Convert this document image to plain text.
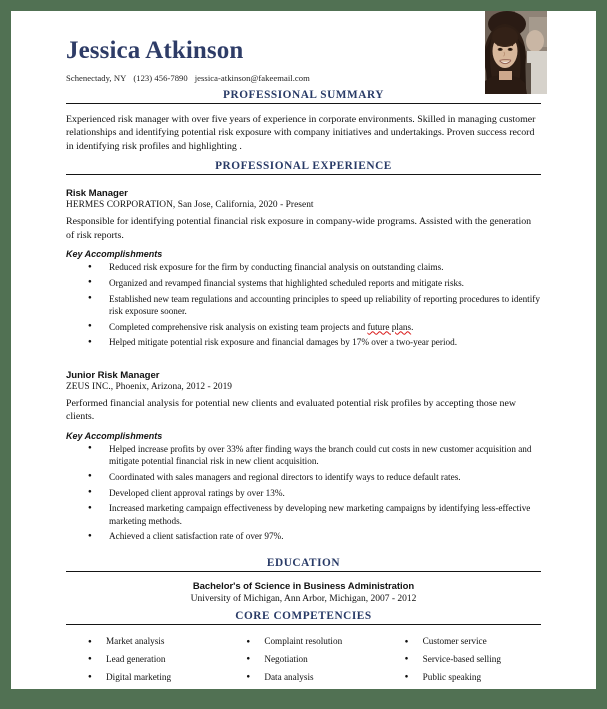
Jessica Atkinson
Schenectady, NY (123) 456-7890 jessica-atkinson@fakeemail.com
PROFESSIONAL SUMMARY
Experienced risk manager with over five years of experience in corporate environments. Skilled in managing customer relationships and identifying potential risk exposure with company initiatives and undertakings. Proven success record in identifying risk profiles and highlighting .
PROFESSIONAL EXPERIENCE
Risk Manager
HERMES CORPORATION, San Jose, California, 2020 - Present
Responsible for identifying potential financial risk exposure in company-wide programs. Assisted with the generation of risk reports.
Key Accomplishments
● Reduced risk exposure for the firm by conducting financial analysis on outstanding claims.
● Organized and revamped financial systems that highlighted scheduled reports and mitigate risks.
● Established new team regulations and accounting principles to speed up reliability of reporting procedures to identify risk exposure sooner.
● Completed comprehensive risk analysis on existing team projects and future plans.
● Helped mitigate potential risk exposure and financial damages by 17% over a two-year period.
Junior Risk Manager
ZEUS INC., Phoenix, Arizona, 2012 - 2019
Performed financial analysis for potential new clients and evaluated potential risk profiles by accepting those new clients.
Key Accomplishments
● Helped increase profits by over 33% after finding ways the branch could cut costs in new customer acquisition and mitigate potential financial risk in new client acquisition.
● Coordinated with sales managers and regional directors to identify ways to reduce default rates.
● Developed client approval ratings by over 13%.
● Increased marketing campaign effectiveness by developing new marketing campaigns by identifying less-effective marketing methods.
● Achieved a client satisfaction rate of over 97%.
EDUCATION
Bachelor's of Science in Business Administration
University of Michigan, Ann Arbor, Michigan, 2007 - 2012
CORE COMPETENCIES
● Market analysis
● Lead generation
● Digital marketing
● Complaint resolution
● Negotiation
● Data analysis
● Customer service
● Service-based selling
● Public speaking
